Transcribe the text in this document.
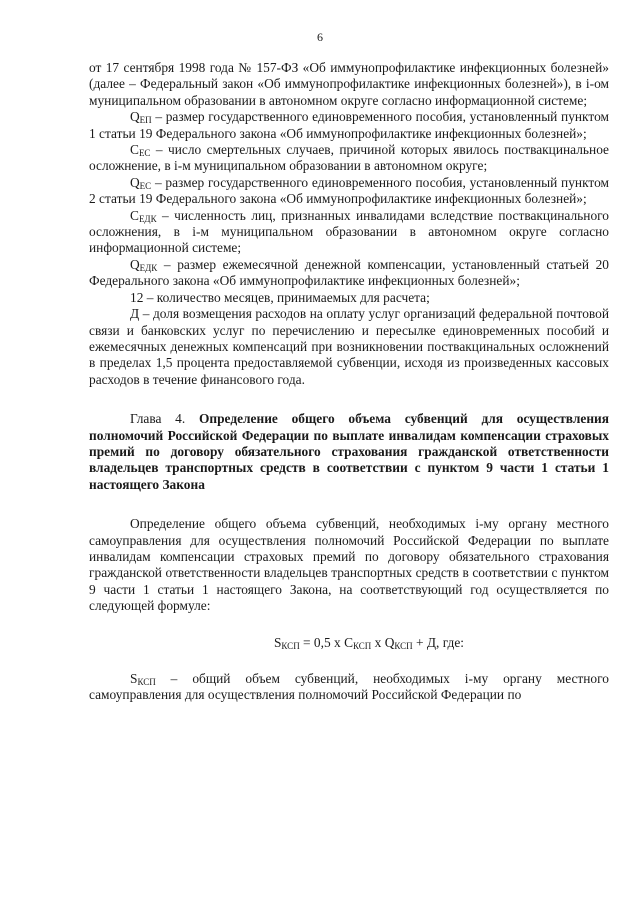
6

от 17 сентября 1998 года № 157-ФЗ «Об иммунопрофилактике инфекционных болезней» (далее – Федеральный закон «Об иммунопрофилактике инфекционных болезней»), в i-ом муниципальном образовании в автономном округе согласно информационной системе;

$Q_{ЕП}$ – размер государственного единовременного пособия, установленный пунктом 1 статьи 19 Федерального закона «Об иммунопрофилактике инфекционных болезней»;

$C_{ЕС}$ – число смертельных случаев, причиной которых явилось поствакцинальное осложнение, в i-м муниципальном образовании в автономном округе;

$Q_{ЕС}$ – размер государственного единовременного пособия, установленный пунктом 2 статьи 19 Федерального закона «Об иммунопрофилактике инфекционных болезней»;

$C_{ЕДК}$ – численность лиц, признанных инвалидами вследствие поствакцинального осложнения, в i-м муниципальном образовании в автономном округе согласно информационной системе;

$Q_{ЕДК}$ – размер ежемесячной денежной компенсации, установленный статьей 20 Федерального закона «Об иммунопрофилактике инфекционных болезней»;

12 – количество месяцев, принимаемых для расчета;

Д – доля возмещения расходов на оплату услуг организаций федеральной почтовой связи и банковских услуг по перечислению и пересылке единовременных пособий и ежемесячных денежных компенсаций при возникновении поствакцинальных осложнений в пределах 1,5 процента предоставляемой субвенции, исходя из произведенных кассовых расходов в течение финансового года.

Глава 4. Определение общего объема субвенций для осуществления полномочий Российской Федерации по выплате инвалидам компенсации страховых премий по договору обязательного страхования гражданской ответственности владельцев транспортных средств в соответствии с пунктом 9 части 1 статьи 1 настоящего Закона

Определение общего объема субвенций, необходимых i-му органу местного самоуправления для осуществления полномочий Российской Федерации по выплате инвалидам компенсации страховых премий по договору обязательного страхования гражданской ответственности владельцев транспортных средств в соответствии с пунктом 9 части 1 статьи 1 настоящего Закона, на соответствующий год осуществляется по следующей формуле:

$S_{КСП} = 0,5$ х $C_{КСП}$ х $Q_{КСП} + Д$, где:

$S_{КСП}$ – общий объем субвенций, необходимых i-му органу местного самоуправления для осуществления полномочий Российской Федерации по
